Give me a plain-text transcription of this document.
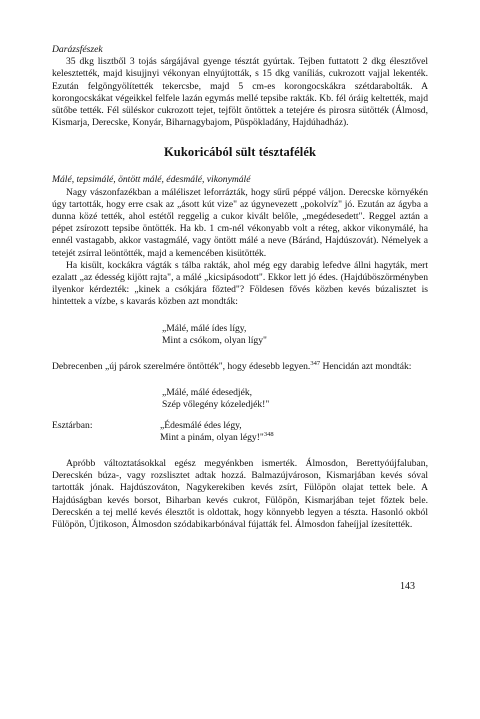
Darázsfészek

35 dkg lisztből 3 tojás sárgájával gyenge tésztát gyúrtak. Tejben futtatott 2 dkg élesztővel kelesztették, majd kisujjnyi vékonyan elnyújtották, s 15 dkg vaníliás, cukrozott vajjal lekenték. Ezután felgöngyölítették tekercsbe, majd 5 cm-es korongocskákra szétdarabolták. A korongocskákat végeikkel felfele lazán egymás mellé tepsibe rakták. Kb. fél óráig keltették, majd sütőbe tették. Fél süléskor cukrozott tejet, tejfölt öntöttek a tetejére és pirosra sütötték (Álmosd, Kismarja, Derecske, Konyár, Biharnagybajom, Püspökladány, Hajdúhadház).

Kukoricából sült tésztafélék
Málé, tepsimálé, öntött málé, édesmálé, vikonymálé

Nagy vászonfazékban a máléliszet leforrázták, hogy sűrű péppé váljon. Derecske környékén úgy tartották, hogy erre csak az „ásott kút vize" az úgynevezett „pokolvíz" jó. Ezután az ágyba a dunna közé tették, ahol estétől reggelig a cukor kivált belőle, „megédesedett". Reggel aztán a pépet zsírozott tepsibe öntötték. Ha kb. 1 cm-nél vékonyabb volt a réteg, akkor vikonymálé, ha ennél vastagabb, akkor vastagmálé, vagy öntött málé a neve (Báránd, Hajdúszovát). Némelyek a tetejét zsírral leöntötték, majd a kemencében kisütötték.

Ha kisült, kockákra vágták s tálba rakták, ahol még egy darabig lefedve állni hagyták, mert ezalatt „az édesség kijött rajta", a málé „kicsipásodott". Ekkor lett jó édes. (Hajdúböszörményben ilyenkor kérdezték: „kinek a csókjára főzted"? Földesen fővés közben kevés búzalisztet is hintettek a vízbe, s kavarás közben azt mondták:

„Málé, málé ídes lígy,
Mint a csókom, olyan lígy"

Debrecenben „új párok szerelmére öntötték", hogy édesebb legyen.$^{347}$ Hencidán azt mondták:

„Málé, málé édesedjék,
Szép vőlegény kózeledjék!"
Esztárban:	„Édesmálé édes légy,
Mint a pinám, olyan légy!"$^{348}$

Apróbb változtatásokkal egész megyénkben ismerték. Álmosdon, Berettyóújfaluban, Derecskén búza-, vagy rozslisztet adtak hozzá. Balmazújvároson, Kismarjában kevés sóval tartották jónak. Hajdúszováton, Nagykerekiben kevés zsírt, Fülöpön olajat tettek bele. A Hajdúságban kevés borsot, Biharban kevés cukrot, Fülöpön, Kismarjában tejet főztek bele. Derecskén a tej mellé kevés élesztőt is oldottak, hogy könnyebb legyen a tészta. Hasonló okból Fülöpön, Újtikoson, Álmosdon szódabikarbónával fújatták fel. Álmosdon faheíjjal ízesítették.

143
